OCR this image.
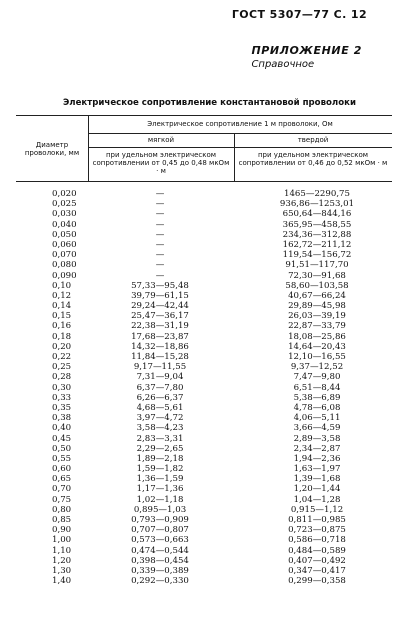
ГОСТ 5307—77 С. 12
ПРИЛОЖЕНИЕ 2
Справочное
Электрическое сопротивление константановой проволоки
Диаметр проволоки, мм
Электрическое сопротивление 1 м проволоки, Ом
мягкой	твердой
при удельном электрическом сопротивлении от 0,45 до 0,48 мкОм · м
при удельном электрическом сопротивлении от 0,46 до 0,52 мкОм · м
0,020	—	1465—2290,75
0,025	—	936,86—1253,01
0,030	—	650,64—844,16
0,040	—	365,95—458,55
0,050	—	234,36—312,88
0,060	—	162,72—211,12
0,070	—	119,54—156,72
0,080	—	91,51—117,70
0,090	—	72,30—91,68
0,10	57,33—95,48	58,60—103,58
0,12	39,79—61,15	40,67—66,24
0,14	29,24—42,44	29,89—45,98
0,15	25,47—36,17	26,03—39,19
0,16	22,38—31,19	22,87—33,79
0,18	17,68—23,87	18,08—25,86
0,20	14,32—18,86	14,64—20,43
0,22	11,84—15,28	12,10—16,55
0,25	9,17—11,55	9,37—12,52
0,28	7,31—9,04	7,47—9,80
0,30	6,37—7,80	6,51—8,44
0,33	6,26—6,37	5,38—6,89
0,35	4,68—5,61	4,78—6,08
0,38	3,97—4,72	4,06—5,11
0,40	3,58—4,23	3,66—4,59
0,45	2,83—3,31	2,89—3,58
0,50	2,29—2,65	2,34—2,87
0,55	1,89—2,18	1,94—2,36
0,60	1,59—1,82	1,63—1,97
0,65	1,36—1,59	1,39—1,68
0,70	1,17—1,36	1,20—1,44
0,75	1,02—1,18	1,04—1,28
0,80	0,895—1,03	0,915—1,12
0,85	0,793—0,909	0,811—0,985
0,90	0,707—0,807	0,723—0,875
1,00	0,573—0,663	0,586—0,718
1,10	0,474—0,544	0,484—0,589
1,20	0,398—0,454	0,407—0,492
1,30	0,339—0,389	0,347—0,417
1,40	0,292—0,330	0,299—0,358
